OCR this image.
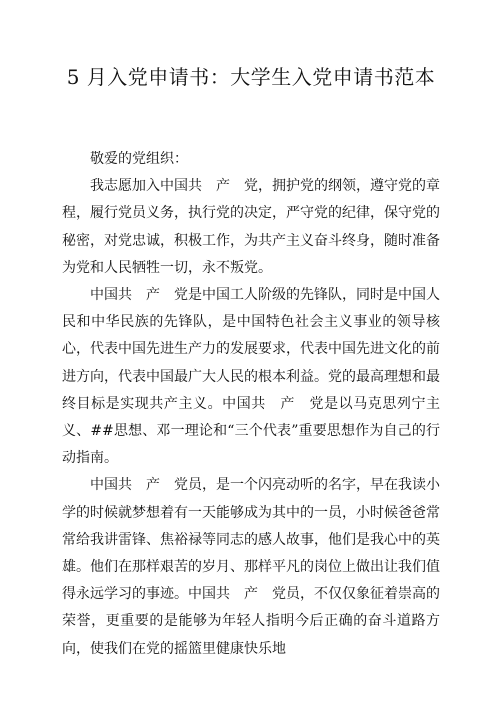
5 月入党申请书：大学生入党申请书范本

敬爱的党组织：

我志愿加入中国共　产　党，拥护党的纲领，遵守党的章程，履行党员义务，执行党的决定，严守党的纪律，保守党的秘密，对党忠诚，积极工作，为共产主义奋斗终身，随时准备为党和人民牺牲一切，永不叛党。

中国共　产　党是中国工人阶级的先锋队，同时是中国人民和中华民族的先锋队，是中国特色社会主义事业的领导核心，代表中国先进生产力的发展要求，代表中国先进文化的前进方向，代表中国最广大人民的根本利益。党的最高理想和最终目标是实现共产主义。中国共　产　党是以马克思列宁主义、##思想、邓一理论和“三个代表”重要思想作为自己的行动指南。

中国共　产　党员，是一个闪亮动听的名字，早在我读小学的时候就梦想着有一天能够成为其中的一员，小时候爸爸常常给我讲雷锋、焦裕禄等同志的感人故事，他们是我心中的英雄。他们在那样艰苦的岁月、那样平凡的岗位上做出让我们值得永远学习的事迹。中国共　产　党员，不仅仅象征着崇高的荣誉，更重要的是能够为年轻人指明今后正确的奋斗道路方向，使我们在党的摇篮里健康快乐地
